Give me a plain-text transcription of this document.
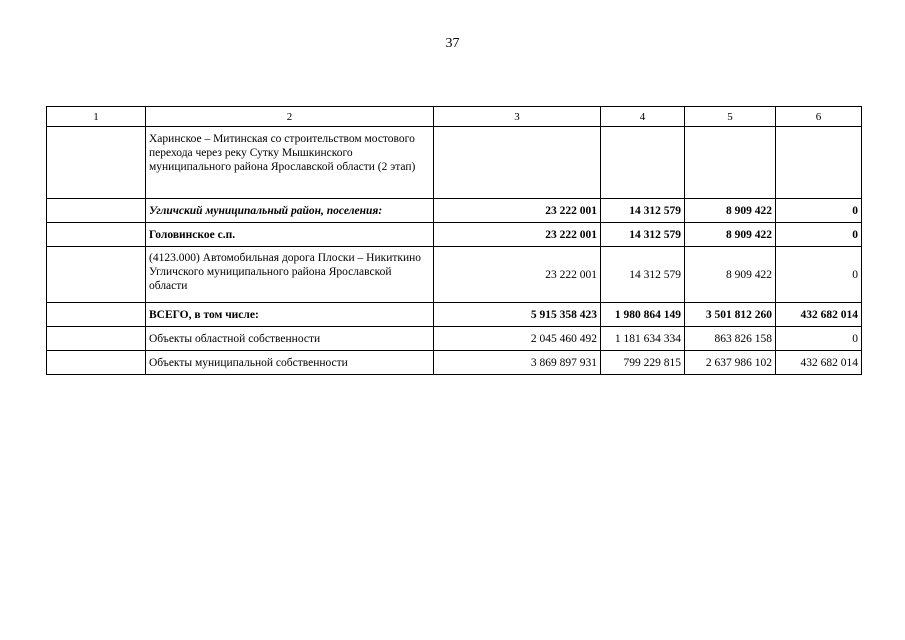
37
1	2	3	4	5	6
	Харинское – Митинская со строительством мостового перехода через реку Сутку Мышкинского муниципального района Ярославской области (2 этап)				
	Угличский муниципальный район, поселения:	23 222 001	14 312 579	8 909 422	0
	Головинское с.п.	23 222 001	14 312 579	8 909 422	0
	(4123.000) Автомобильная дорога Плоски – Никиткино Угличского муниципального района Ярославской области	23 222 001	14 312 579	8 909 422	0
	ВСЕГО, в том числе:	5 915 358 423	1 980 864 149	3 501 812 260	432 682 014
	Объекты областной собственности	2 045 460 492	1 181 634 334	863 826 158	0
	Объекты муниципальной собственности	3 869 897 931	799 229 815	2 637 986 102	432 682 014
